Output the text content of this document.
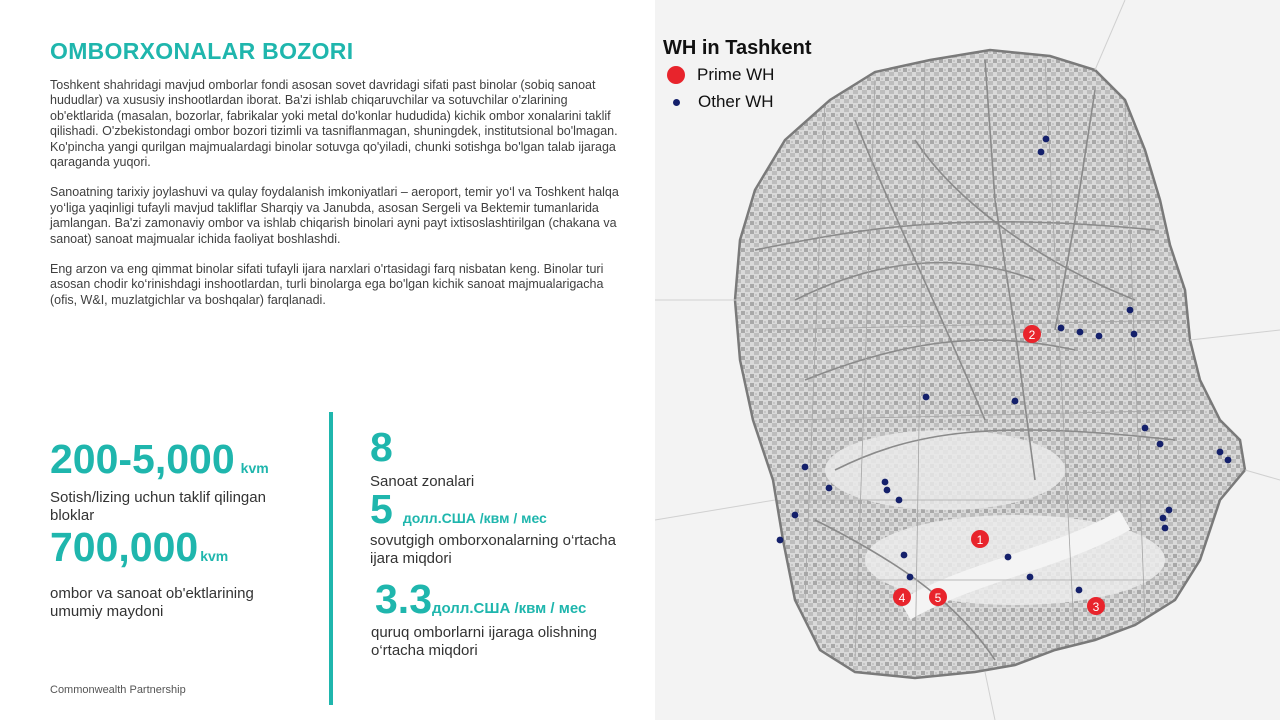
OMBORXONALAR BOZORI

Toshkent shahridagi mavjud omborlar fondi asosan sovet davridagi sifati past binolar (sobiq sanoat hududlar) va xususiy inshootlardan iborat. Ba'zi ishlab chiqaruvchilar va sotuvchilar o'zlarining ob'ektlarida (masalan, bozorlar, fabrikalar yoki metal do'konlar hududida) kichik ombor xonalarini taklif qilishadi. O'zbekistondagi ombor bozori tizimli va tasniflanmagan, shuningdek, institutsional bo'lmagan. Ko'pincha yangi qurilgan majmualardagi binolar sotuvga qo'yiladi, chunki sotishga bo'lgan talab ijaraga qaraganda yuqori.

Sanoatning tarixiy joylashuvi va qulay foydalanish imkoniyatlari – aeroport, temir yo‘l va Toshkent halqa yo‘liga yaqinligi tufayli mavjud takliflar Sharqiy va Janubda, asosan Sergeli va Bektemir tumanlarida jamlangan. Ba'zi zamonaviy ombor va ishlab chiqarish binolari ayni payt ixtisoslashtirilgan (chakana va sanoat) sanoat majmualar ichida faoliyat boshlashdi.

Eng arzon va eng qimmat binolar sifati tufayli ijara narxlari o'rtasidagi farq nisbatan keng. Binolar turi asosan chodir ko‘rinishdagi inshootlardan, turli binolarga ega bo'lgan kichik sanoat majmualarigacha (ofis, W&I, muzlatgichlar va boshqalar) farqlanadi.

200-5,000 kvm
Sotish/lizing uchun taklif qilingan bloklar
700,000 kvm
ombor va sanoat ob'ektlarining umumiy maydoni
8
Sanoat zonalari
5 долл.США /квм / мес
sovutgigh omborxonalarning o‘rtacha ijara miqdori
3.3долл.США /квм / мес
quruq omborlarni ijaraga olishning o‘rtacha miqdori
Commonwealth Partnership
1
2
3
4 5
WH in Tashkent
Prime WH
Other WH
